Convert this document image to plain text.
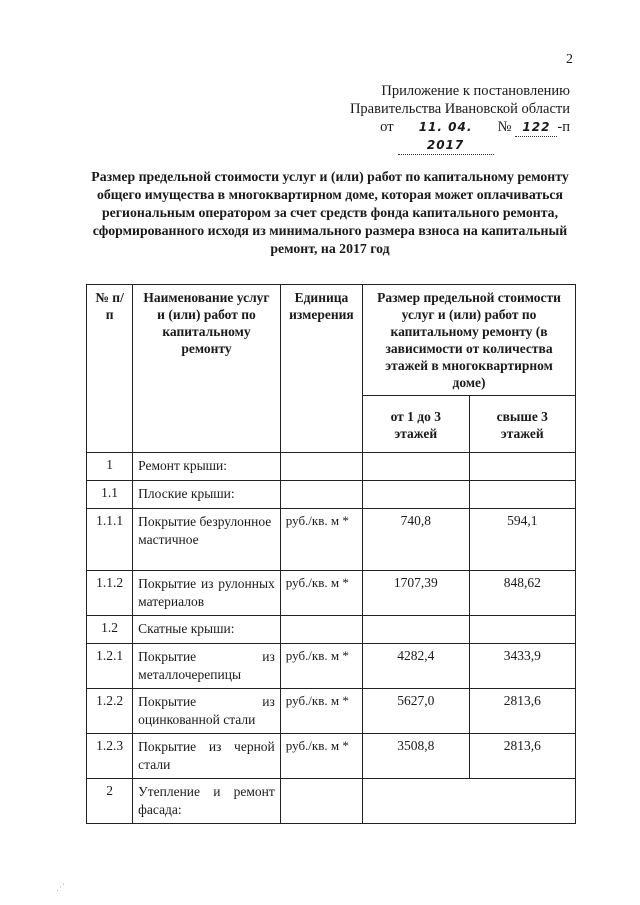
2
Приложение к постановлению
Правительства Ивановской области
от	11. 04. 2017
№ 122 -п
Размер предельной стоимости услуг и (или) работ по капитальному ремонту общего имущества в многоквартирном доме, которая может оплачиваться региональным оператором за счет средств фонда капитального ремонта, сформированного исходя из минимального размера взноса на капитальный ремонт, на 2017 год
№ п/п	Наименование услуг и (или) работ по капитальному ремонту	Единица измерения	Размер предельной стоимости услуг и (или) работ по капитальному ремонту (в зависимости от количества этажей в многоквартирном доме)	
			от 1 до 3 этажей	свыше 3 этажей
1	Ремонт крыши:			
1.1	Плоские крыши:			
1.1.1	Покрытие безрулонное мастичное	руб./кв. м *	740,8	594,1
1.1.2	Покрытие из рулонных материалов	руб./кв. м *	1707,39	848,62
1.2	Скатные крыши:			
1.2.1	Покрытие из металлочерепицы	руб./кв. м *	4282,4	3433,9
1.2.2	Покрытие из оцинкованной стали	руб./кв. м *	5627,0	2813,6
1.2.3	Покрытие из черной стали	руб./кв. м *	3508,8	2813,6
2	Утепление и ремонт фасада:			
⋰
